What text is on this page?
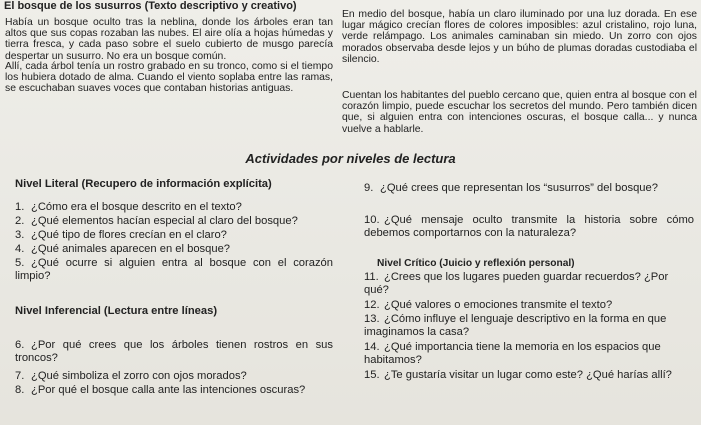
El bosque de los susurros (Texto descriptivo y creativo)

Había un bosque oculto tras la neblina, donde los árboles eran tan altos que sus copas rozaban las nubes. El aire olía a hojas húmedas y tierra fresca, y cada paso sobre el suelo cubierto de musgo parecía despertar un susurro. No era un bosque común.

Allí, cada árbol tenía un rostro grabado en su tronco, como si el tiempo los hubiera dotado de alma. Cuando el viento soplaba entre las ramas, se escuchaban suaves voces que contaban historias antiguas.

En medio del bosque, había un claro iluminado por una luz dorada. En ese lugar mágico crecían flores de colores imposibles: azul cristalino, rojo luna, verde relámpago. Los animales caminaban sin miedo. Un zorro con ojos morados observaba desde lejos y un búho de plumas doradas custodiaba el silencio.

Cuentan los habitantes del pueblo cercano que, quien entra al bosque con el corazón limpio, puede escuchar los secretos del mundo. Pero también dicen que, si alguien entra con intenciones oscuras, el bosque calla... y nunca vuelve a hablarle.

Actividades por niveles de lectura
Nivel Literal (Recupero de información explícita)

1. ¿Cómo era el bosque descrito en el texto?

2. ¿Qué elementos hacían especial al claro del bosque?

3. ¿Qué tipo de flores crecían en el claro?

4. ¿Qué animales aparecen en el bosque?

5. ¿Qué ocurre si alguien entra al bosque con el corazón limpio?

Nivel Inferencial (Lectura entre líneas)

6. ¿Por qué crees que los árboles tienen rostros en sus troncos?

7. ¿Qué simboliza el zorro con ojos morados?

8. ¿Por qué el bosque calla ante las intenciones oscuras?

9. ¿Qué crees que representan los “susurros” del bosque?

10. ¿Qué mensaje oculto transmite la historia sobre cómo debemos comportarnos con la naturaleza?

Nivel Crítico (Juicio y reflexión personal)

11. ¿Crees que los lugares pueden guardar recuerdos? ¿Por qué?

12. ¿Qué valores o emociones transmite el texto?

13. ¿Cómo influye el lenguaje descriptivo en la forma en que imaginamos la casa?

14. ¿Qué importancia tiene la memoria en los espacios que habitamos?

15. ¿Te gustaría visitar un lugar como este? ¿Qué harías allí?
